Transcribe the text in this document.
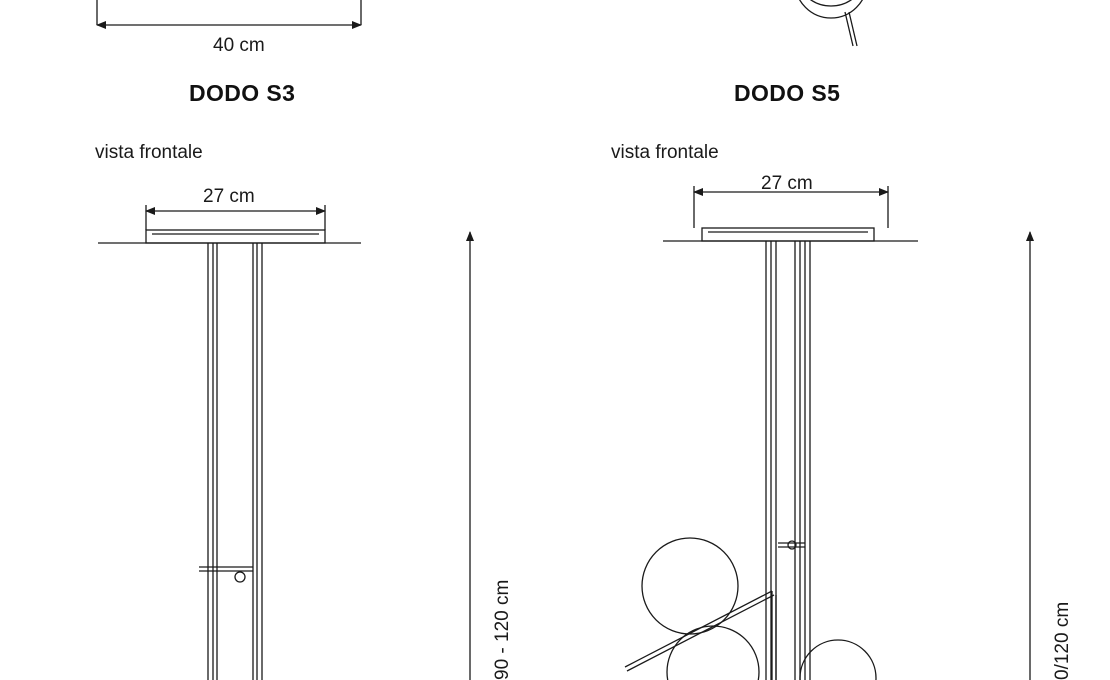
40 cm
DODO S3	DODO S5
vista frontale	vista frontale
27 cm
27 cm
90 - 120 cm	0/120 cm
